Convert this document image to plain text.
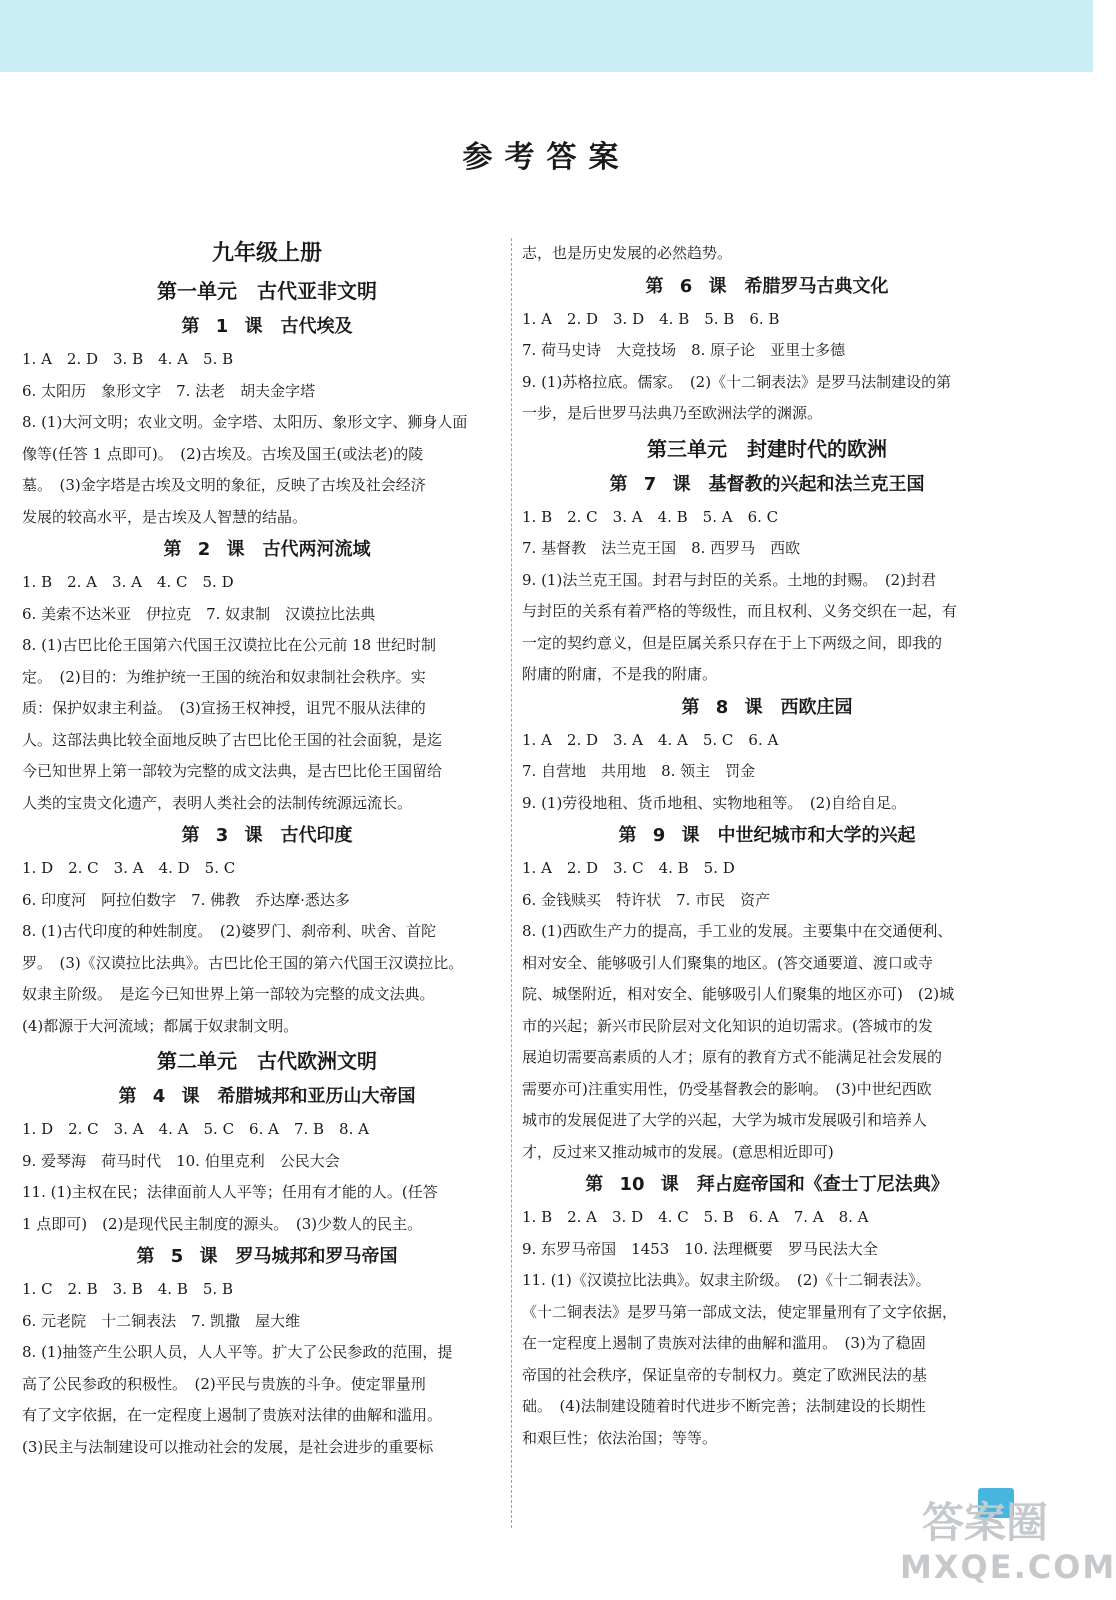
参考答案
九年级上册
第一单元　古代亚非文明
第 1 课　古代埃及
1. A　2. D　3. B　4. A　5. B
6. 太阳历　象形文字　7. 法老　胡夫金字塔
8. (1)大河文明；农业文明。金字塔、太阳历、象形文字、狮身人面
像等(任答 1 点即可)。　(2)古埃及。古埃及国王(或法老)的陵
墓。　(3)金字塔是古埃及文明的象征，反映了古埃及社会经济
发展的较高水平，是古埃及人智慧的结晶。
第 2 课　古代两河流域
1. B　2. A　3. A　4. C　5. D
6. 美索不达米亚　伊拉克　7. 奴隶制　汉谟拉比法典
8. (1)古巴比伦王国第六代国王汉谟拉比在公元前 18 世纪时制
定。　(2)目的：为维护统一王国的统治和奴隶制社会秩序。实
质：保护奴隶主利益。　(3)宣扬王权神授，诅咒不服从法律的
人。这部法典比较全面地反映了古巴比伦王国的社会面貌，是迄
今已知世界上第一部较为完整的成文法典，是古巴比伦王国留给
人类的宝贵文化遗产，表明人类社会的法制传统源远流长。
第 3 课　古代印度
1. D　2. C　3. A　4. D　5. C
6. 印度河　阿拉伯数字　7. 佛教　乔达摩·悉达多
8. (1)古代印度的种姓制度。　(2)婆罗门、刹帝利、吠舍、首陀
罗。　(3)《汉谟拉比法典》。古巴比伦王国的第六代国王汉谟拉比。
奴隶主阶级。　是迄今已知世界上第一部较为完整的成文法典。
(4)都源于大河流域；都属于奴隶制文明。
第二单元　古代欧洲文明
第 4 课　希腊城邦和亚历山大帝国
1. D　2. C　3. A　4. A　5. C　6. A　7. B　8. A
9. 爱琴海　荷马时代　10. 伯里克利　公民大会
11. (1)主权在民；法律面前人人平等；任用有才能的人。(任答
1 点即可)　(2)是现代民主制度的源头。　(3)少数人的民主。
第 5 课　罗马城邦和罗马帝国
1. C　2. B　3. B　4. B　5. B
6. 元老院　十二铜表法　7. 凯撒　屋大维
8. (1)抽签产生公职人员，人人平等。扩大了公民参政的范围，提
高了公民参政的积极性。　(2)平民与贵族的斗争。使定罪量刑
有了文字依据，在一定程度上遏制了贵族对法律的曲解和滥用。
(3)民主与法制建设可以推动社会的发展，是社会进步的重要标
志，也是历史发展的必然趋势。
第 6 课　希腊罗马古典文化
1. A　2. D　3. D　4. B　5. B　6. B
7. 荷马史诗　大竞技场　8. 原子论　亚里士多德
9. (1)苏格拉底。儒家。　(2)《十二铜表法》是罗马法制建设的第
一步，是后世罗马法典乃至欧洲法学的渊源。
第三单元　封建时代的欧洲
第 7 课　基督教的兴起和法兰克王国
1. B　2. C　3. A　4. B　5. A　6. C
7. 基督教　法兰克王国　8. 西罗马　西欧
9. (1)法兰克王国。封君与封臣的关系。土地的封赐。　(2)封君
与封臣的关系有着严格的等级性，而且权利、义务交织在一起，有
一定的契约意义，但是臣属关系只存在于上下两级之间，即我的
附庸的附庸，不是我的附庸。
第 8 课　西欧庄园
1. A　2. D　3. A　4. A　5. C　6. A
7. 自营地　共用地　8. 领主　罚金
9. (1)劳役地租、货币地租、实物地租等。　(2)自给自足。
第 9 课　中世纪城市和大学的兴起
1. A　2. D　3. C　4. B　5. D
6. 金钱赎买　特许状　7. 市民　资产
8. (1)西欧生产力的提高，手工业的发展。主要集中在交通便利、
相对安全、能够吸引人们聚集的地区。(答交通要道、渡口或寺
院、城堡附近，相对安全、能够吸引人们聚集的地区亦可)　(2)城
市的兴起；新兴市民阶层对文化知识的迫切需求。(答城市的发
展迫切需要高素质的人才；原有的教育方式不能满足社会发展的
需要亦可)注重实用性，仍受基督教会的影响。　(3)中世纪西欧
城市的发展促进了大学的兴起，大学为城市发展吸引和培养人
才，反过来又推动城市的发展。(意思相近即可)
第 10 课　拜占庭帝国和《查士丁尼法典》
1. B　2. A　3. D　4. C　5. B　6. A　7. A　8. A
9. 东罗马帝国　1453　10. 法理概要　罗马民法大全
11. (1)《汉谟拉比法典》。奴隶主阶级。　(2)《十二铜表法》。
《十二铜表法》是罗马第一部成文法，使定罪量刑有了文字依据，
在一定程度上遏制了贵族对法律的曲解和滥用。　(3)为了稳固
帝国的社会秩序，保证皇帝的专制权力。奠定了欧洲民法的基
础。　(4)法制建设随着时代进步不断完善；法制建设的长期性
和艰巨性；依法治国；等等。
答案圈
MXQE.COM
